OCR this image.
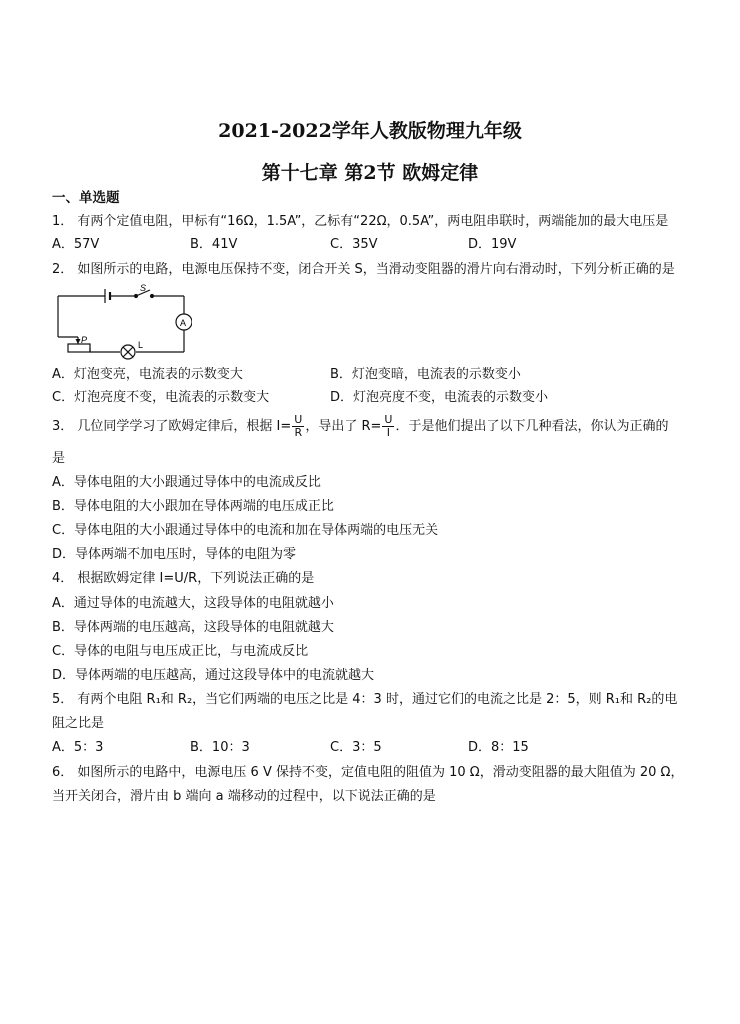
2021-2022学年人教版物理九年级
第十七章 第2节 欧姆定律
一、单选题
1． 有两个定值电阻，甲标有“16Ω，1.5A”，乙标有“22Ω，0.5A”，两电阻串联时，两端能加的最大电压是
A．57V	B．41V	C．35V	D．19V
2． 如图所示的电路，电源电压保持不变，闭合开关 S，当滑动变阻器的滑片向右滑动时，下列分析正确的是
S
A
P	L
A．灯泡变亮，电流表的示数变大	B．灯泡变暗，电流表的示数变小
C．灯泡亮度不变，电流表的示数变大	D．灯泡亮度不变，电流表的示数变小
3． 几位同学学习了欧姆定律后，根据 $I= \frac{U}{R}$ ，导出了 $R= \frac{U}{I}$ ．于是他们提出了以下几种看法，你认为正确的
是
A．导体电阻的大小跟通过导体中的电流成反比
B．导体电阻的大小跟加在导体两端的电压成正比
C．导体电阻的大小跟通过导体中的电流和加在导体两端的电压无关
D．导体两端不加电压时，导体的电阻为零
4． 根据欧姆定律 I=U/R，下列说法正确的是
A．通过导体的电流越大，这段导体的电阻就越小
B．导体两端的电压越高，这段导体的电阻就越大
C．导体的电阻与电压成正比，与电流成反比
D．导体两端的电压越高，通过这段导体中的电流就越大
5． 有两个电阻 R₁和 R₂，当它们两端的电压之比是 4：3 时，通过它们的电流之比是 2：5，则 R₁和 R₂的电
阻之比是
A．5：3	B．10：3	C．3：5	D．8：15
6． 如图所示的电路中，电源电压 6 V 保持不变，定值电阻的阻值为 10 Ω，滑动变阻器的最大阻值为 20 Ω，
当开关闭合，滑片由 b 端向 a 端移动的过程中，以下说法正确的是
